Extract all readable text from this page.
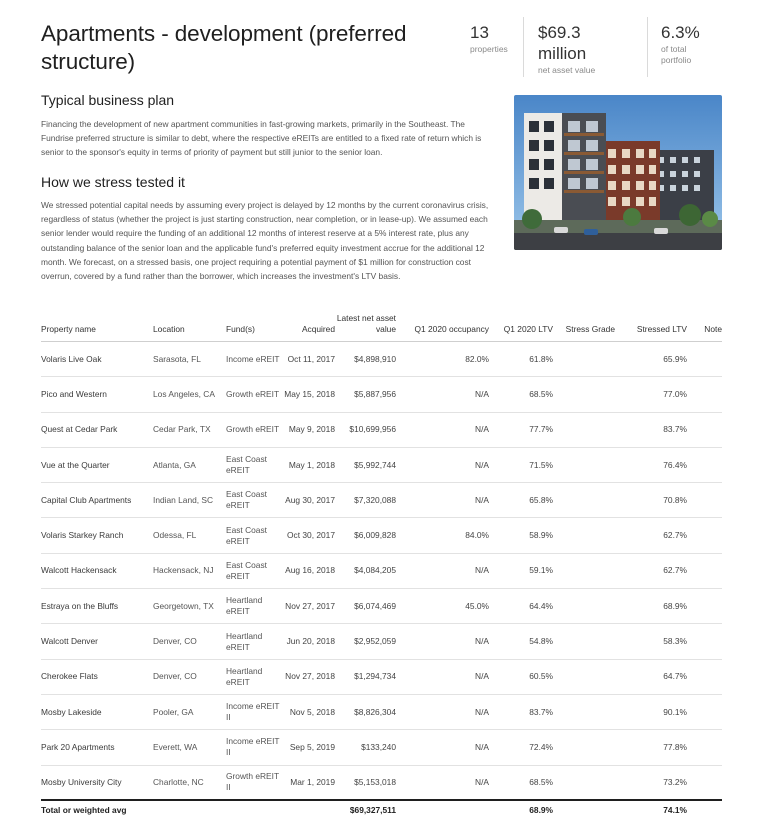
Apartments - development (preferred structure)
13
properties
$69.3 million
net asset value
6.3%
of total portfolio
Typical business plan
Financing the development of new apartment communities in fast-growing markets, primarily in the Southeast. The Fundrise preferred structure is similar to debt, where the respective eREITs are entitled to a fixed rate of return which is senior to the sponsor's equity in terms of priority of payment but still junior to the senior loan.
How we stress tested it
We stressed potential capital needs by assuming every project is delayed by 12 months by the current coronavirus crisis, regardless of status (whether the project is just starting construction, near completion, or in lease-up). We assumed each senior lender would require the funding of an additional 12 months of interest reserve at a 5% interest rate, plus any outstanding balance of the senior loan and the applicable fund's preferred equity investment accrue for the additional 12 month. We forecast, on a stressed basis, one project requiring a potential payment of $1 million for construction cost overrun, covered by a fund rather than the borrower, which increases the investment's LTV basis.
Property name	Location	Fund(s)	Acquired	Latest net asset value	Q1 2020 occupancy	Q1 2020 LTV	Stress Grade	Stressed LTV	Note
Volaris Live Oak	Sarasota, FL	Income eREIT	Oct 11, 2017	$4,898,910	82.0%	61.8%		65.9%	
Pico and Western	Los Angeles, CA	Growth eREIT	May 15, 2018	$5,887,956	N/A	68.5%		77.0%	
Quest at Cedar Park	Cedar Park, TX	Growth eREIT	May 9, 2018	$10,699,956	N/A	77.7%		83.7%	
Vue at the Quarter	Atlanta, GA	East Coast eREIT	May 1, 2018	$5,992,744	N/A	71.5%		76.4%	
Capital Club Apartments	Indian Land, SC	East Coast eREIT	Aug 30, 2017	$7,320,088	N/A	65.8%		70.8%	
Volaris Starkey Ranch	Odessa, FL	East Coast eREIT	Oct 30, 2017	$6,009,828	84.0%	58.9%		62.7%	
Walcott Hackensack	Hackensack, NJ	East Coast eREIT	Aug 16, 2018	$4,084,205	N/A	59.1%		62.7%	
Estraya on the Bluffs	Georgetown, TX	Heartland eREIT	Nov 27, 2017	$6,074,469	45.0%	64.4%		68.9%	
Walcott Denver	Denver, CO	Heartland eREIT	Jun 20, 2018	$2,952,059	N/A	54.8%		58.3%	
Cherokee Flats	Denver, CO	Heartland eREIT	Nov 27, 2018	$1,294,734	N/A	60.5%		64.7%	
Mosby Lakeside	Pooler, GA	Income eREIT II	Nov 5, 2018	$8,826,304	N/A	83.7%		90.1%	
Park 20 Apartments	Everett, WA	Income eREIT II	Sep 5, 2019	$133,240	N/A	72.4%		77.8%	
Mosby University City	Charlotte, NC	Growth eREIT II	Mar 1, 2019	$5,153,018	N/A	68.5%		73.2%	
Total or weighted avg				$69,327,511		68.9%		74.1%	
